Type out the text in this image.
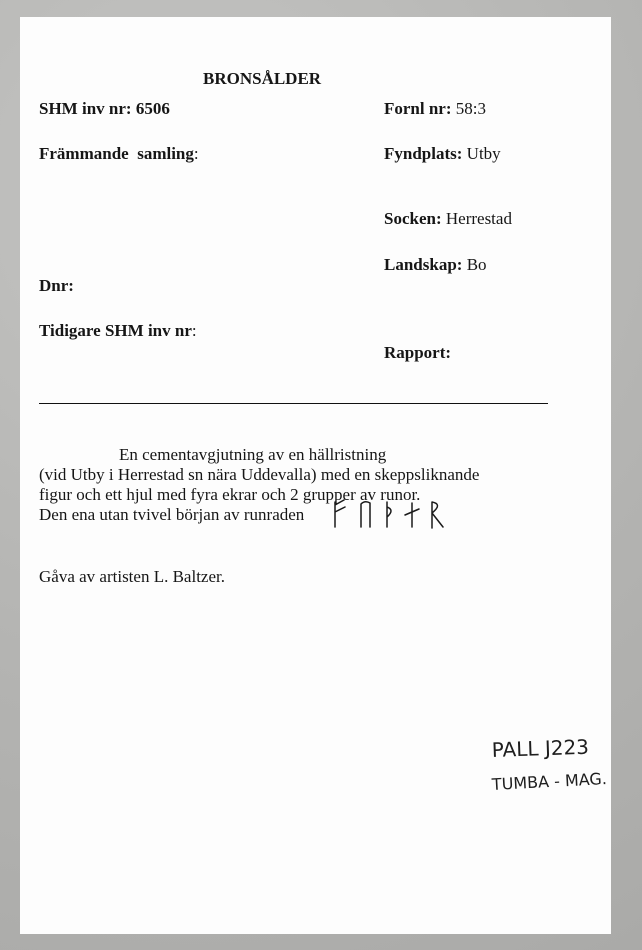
BRONSÅLDER
SHM inv nr: 6506
Främmande  samling:
Dnr:
Tidigare SHM inv nr:
Fornl nr: 58:3
Fyndplats: Utby
Socken: Herrestad
Landskap: Bo
Rapport:
En cementavgjutning av en hällristning
(vid Utby i Herrestad sn nära Uddevalla) med en skeppsliknande
figur och ett hjul med fyra ekrar och 2 grupper av runor.
Den ena utan tvivel början av runraden
Gåva av artisten L. Baltzer.
PALL J223
TUMBA - MAG.
